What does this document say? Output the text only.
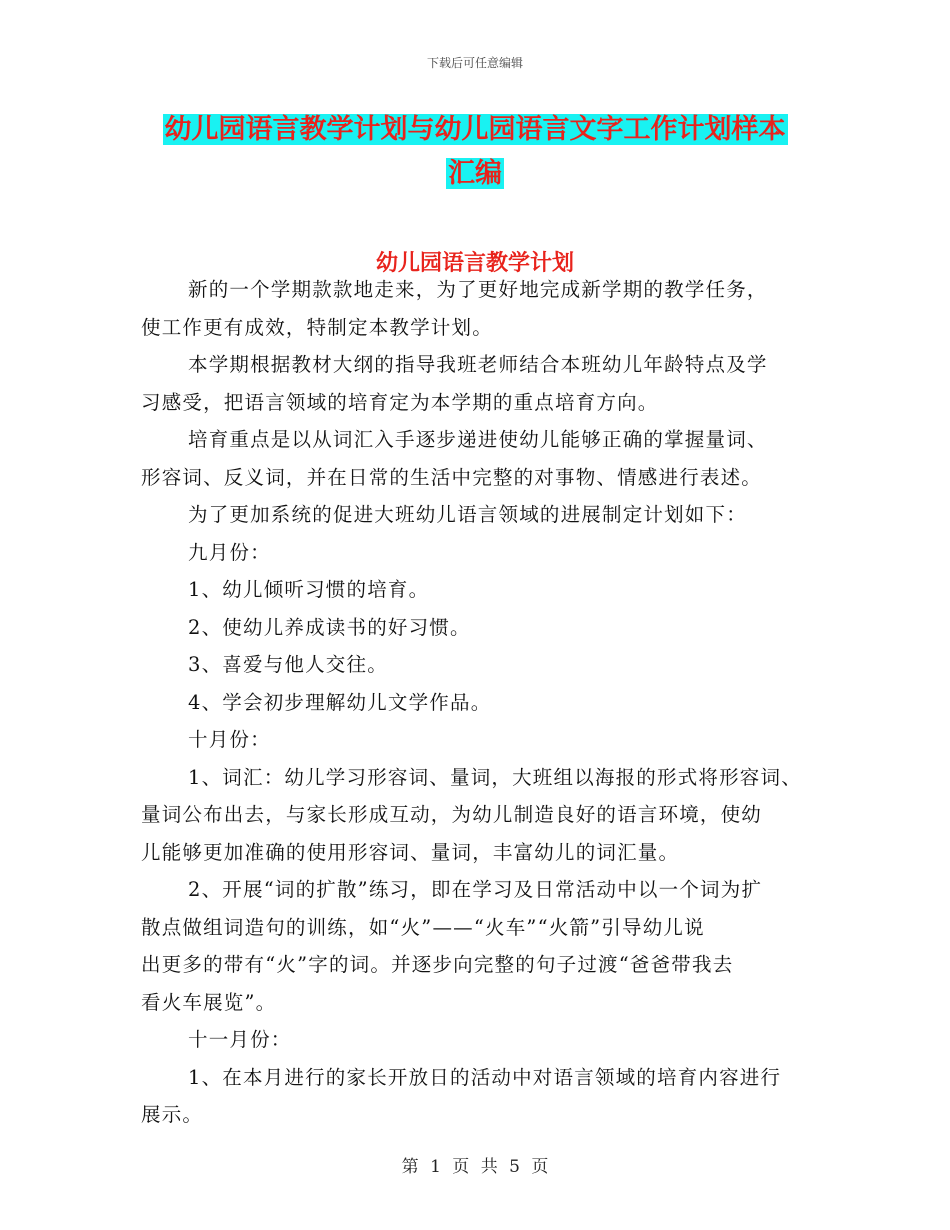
下载后可任意编辑
幼儿园语言教学计划与幼儿园语言文字工作计划样本
汇编
幼儿园语言教学计划

新的一个学期款款地走来，为了更好地完成新学期的教学任务，

使工作更有成效，特制定本教学计划。

本学期根据教材大纲的指导我班老师结合本班幼儿年龄特点及学

习感受，把语言领域的培育定为本学期的重点培育方向。

培育重点是以从词汇入手逐步递进使幼儿能够正确的掌握量词、

形容词、反义词，并在日常的生活中完整的对事物、情感进行表述。

为了更加系统的促进大班幼儿语言领域的进展制定计划如下：

九月份：

1、幼儿倾听习惯的培育。

2、使幼儿养成读书的好习惯。

3、喜爱与他人交往。

4、学会初步理解幼儿文学作品。

十月份：

1、词汇：幼儿学习形容词、量词，大班组以海报的形式将形容词、

量词公布出去，与家长形成互动，为幼儿制造良好的语言环境，使幼

儿能够更加准确的使用形容词、量词，丰富幼儿的词汇量。

2、开展“词的扩散”练习，即在学习及日常活动中以一个词为扩

散点做组词造句的训练，如“火”——“火车”“火箭”引导幼儿说

出更多的带有“火”字的词。并逐步向完整的句子过渡“爸爸带我去

看火车展览”。

十一月份：

1、在本月进行的家长开放日的活动中对语言领域的培育内容进行

展示。

第 1 页 共 5 页
